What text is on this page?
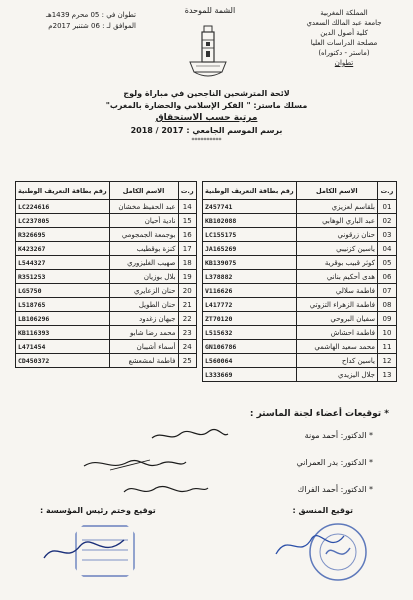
المملكة المغربية
جامعة عبد المالك السعدي
كلية أصول الدين
مصلحة الدراسات العليا
(ماستر - دكتوراه)
تطوان
الشمة للموحدة
تطوان في : 05 محرم 1439هـ
الموافق لـ : 06 شتنبر 2017م
لائحة المترشحين الناجحين في مباراة ولوج
مسلك ماستر: " الفكر الإسلامي والحضارة بالمغرب"
مرتبة حسب الاستحقاق
برسم الموسم الجامعي : 2017 / 2018
**********
ر.ت	الاسم الكامل	رقم بطاقة التعريف الوطنية
01	بلقاسم لعزيزي	Z457741
02	عبد الباري الوهابي	KB102088
03	حنان زرقوني	LC155175
04	ياسين كزنيبي	JA165269
05	كوثر قبيب بوقرية	KB139075
06	هدى أحكيم بناني	L378882
07	فاطمة سلالي	V116626
08	فاطمة الزهراء التزوتي	L417772
09	سفيان البروحي	ZT70120
10	فاطمة احشاش	L515632
11	محمد سعيد الهاشمي	GN106786
12	ياسين كداح	L560064
13	جلال اليزيدي	L333669
ر.ت	الاسم الكامل	رقم بطاقة التعريف الوطنية
14	عبد الحفيظ مخشان	LC224616
15	نادية أحيان	LC237805
16	بوجمعة الجمجومي	R326695
17	كنزة بوقطيب	K423267
18	صهيب الغليزوري	L544327
19	بلال بوزيان	R351253
20	حنان الزعايري	LG5750
21	حنان الطويل	L518765
22	جيهان زغدود	LB106296
23	محمد رضا شابو	KB116393
24	أسماء أشيبان	L471454
25	فاطمة لمشعشع	CD450372
* توقيعات أعضاء لجنة الماستر :
* الدكتور: أحمد مونة
* الدكتور: بدر العمراني
* الدكتور: أحمد الفراك
توقيع المنسق :
توقيع وختم رئيس المؤسسة :
